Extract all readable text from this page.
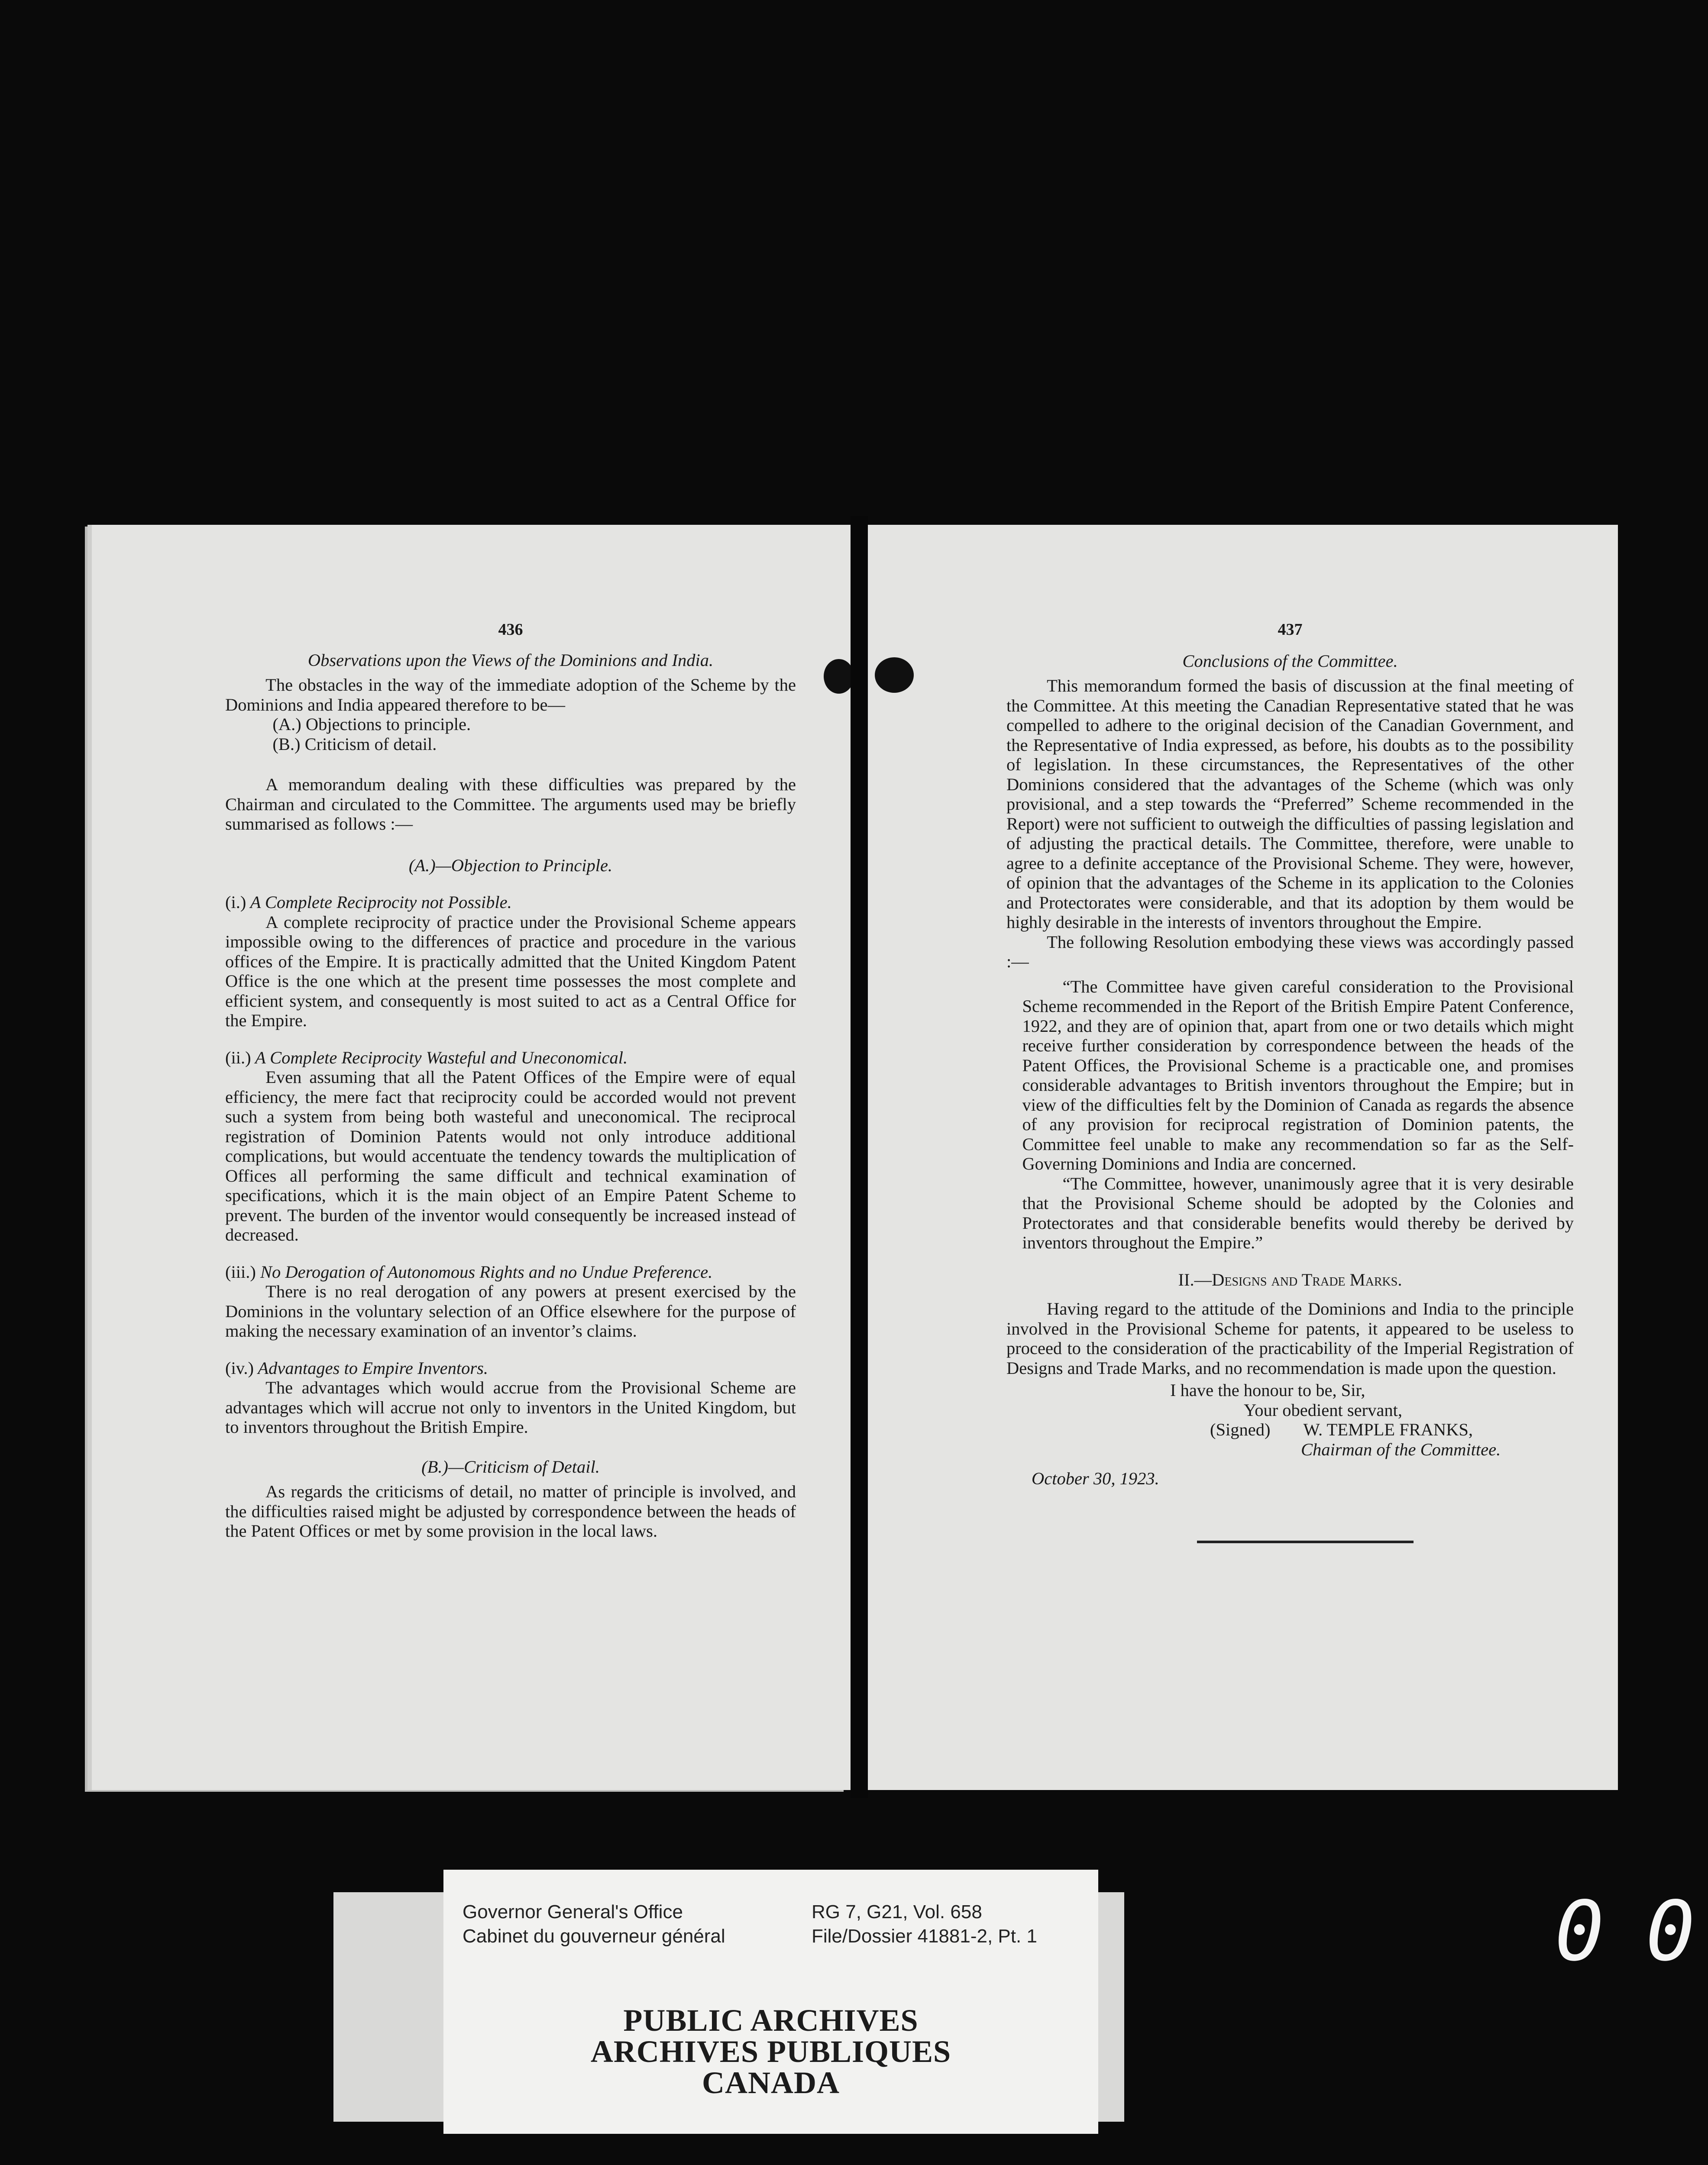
436
Observations upon the Views of the Dominions and India.

The obstacles in the way of the immediate adoption of the Scheme by the Dominions and India appeared therefore to be—

(A.) Objections to principle.
(B.) Criticism of detail.

A memorandum dealing with these difficulties was prepared by the Chairman and circulated to the Committee. The arguments used may be briefly summarised as follows :—

(A.)—Objection to Principle.
(i.) A Complete Reciprocity not Possible.

A complete reciprocity of practice under the Provisional Scheme appears impossible owing to the differences of practice and procedure in the various offices of the Empire. It is practically admitted that the United Kingdom Patent Office is the one which at the present time possesses the most complete and efficient system, and consequently is most suited to act as a Central Office for the Empire.

(ii.) A Complete Reciprocity Wasteful and Uneconomical.

Even assuming that all the Patent Offices of the Empire were of equal efficiency, the mere fact that reciprocity could be accorded would not prevent such a system from being both wasteful and uneconomical. The reciprocal registration of Dominion Patents would not only introduce additional complications, but would accentuate the tendency towards the multiplication of Offices all performing the same difficult and technical examination of specifications, which it is the main object of an Empire Patent Scheme to prevent. The burden of the inventor would consequently be increased instead of decreased.

(iii.) No Derogation of Autonomous Rights and no Undue Preference.

There is no real derogation of any powers at present exercised by the Dominions in the voluntary selection of an Office elsewhere for the purpose of making the necessary examination of an inventor’s claims.

(iv.) Advantages to Empire Inventors.

The advantages which would accrue from the Provisional Scheme are advantages which will accrue not only to inventors in the United Kingdom, but to inventors throughout the British Empire.

(B.)—Criticism of Detail.

As regards the criticisms of detail, no matter of principle is involved, and the difficulties raised might be adjusted by correspondence between the heads of the Patent Offices or met by some provision in the local laws.

437
Conclusions of the Committee.

This memorandum formed the basis of discussion at the final meeting of the Committee. At this meeting the Canadian Representative stated that he was compelled to adhere to the original decision of the Canadian Government, and the Representative of India expressed, as before, his doubts as to the possibility of legislation. In these circumstances, the Representatives of the other Dominions considered that the advantages of the Scheme (which was only provisional, and a step towards the “Preferred” Scheme recommended in the Report) were not sufficient to outweigh the difficulties of passing legislation and of adjusting the practical details. The Committee, therefore, were unable to agree to a definite acceptance of the Provisional Scheme. They were, however, of opinion that the advantages of the Scheme in its application to the Colonies and Protectorates were considerable, and that its adoption by them would be highly desirable in the interests of inventors throughout the Empire.

The following Resolution embodying these views was accordingly passed :—

“The Committee have given careful consideration to the Provisional Scheme recommended in the Report of the British Empire Patent Conference, 1922, and they are of opinion that, apart from one or two details which might receive further consideration by correspondence between the heads of the Patent Offices, the Provisional Scheme is a practicable one, and promises considerable advantages to British inventors throughout the Empire; but in view of the difficulties felt by the Dominion of Canada as regards the absence of any provision for reciprocal registration of Dominion patents, the Committee feel unable to make any recommendation so far as the Self-Governing Dominions and India are concerned.

“The Committee, however, unanimously agree that it is very desirable that the Provisional Scheme should be adopted by the Colonies and Protectorates and that considerable benefits would thereby be derived by inventors throughout the Empire.”

II.—Designs and Trade Marks.

Having regard to the attitude of the Dominions and India to the principle involved in the Provisional Scheme for patents, it appeared to be useless to proceed to the consideration of the practicability of the Imperial Registration of Designs and Trade Marks, and no recommendation is made upon the question.

I have the honour to be, Sir,
Your obedient servant,
(Signed) W. TEMPLE FRANKS,
Chairman of the Committee.
October 30, 1923.
Governor General's Office
Cabinet du gouverneur général
RG 7, G21, Vol. 658
File/Dossier 41881-2, Pt. 1
PUBLIC ARCHIVES
ARCHIVES PUBLIQUES
CANADA
0 0
